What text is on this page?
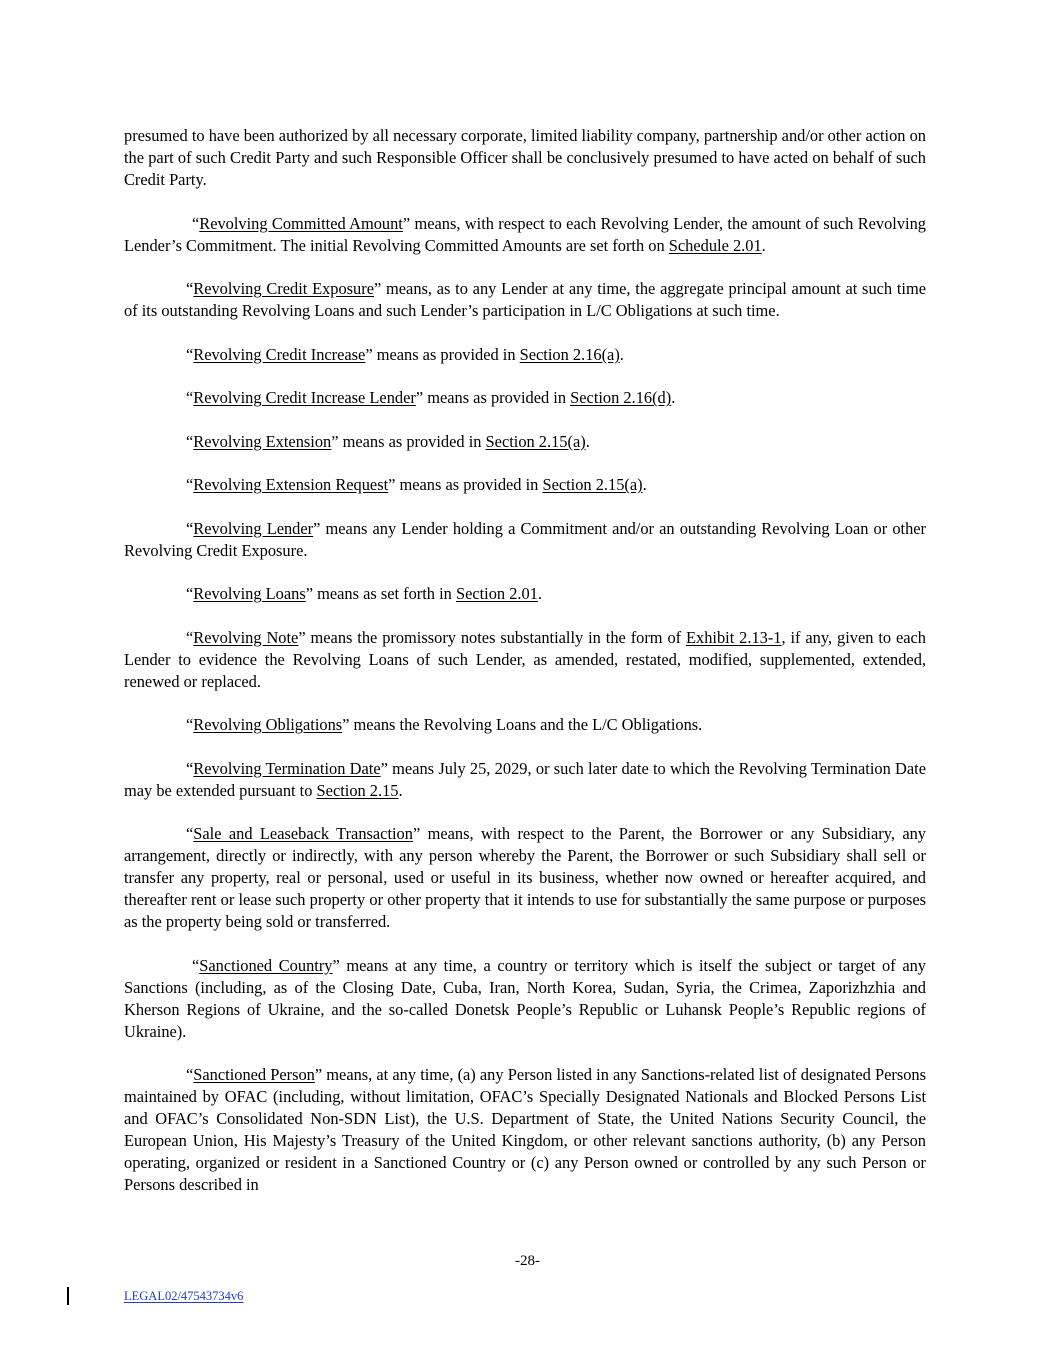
presumed to have been authorized by all necessary corporate, limited liability company, partnership and/or other action on the part of such Credit Party and such Responsible Officer shall be conclusively presumed to have acted on behalf of such Credit Party.

“Revolving Committed Amount” means, with respect to each Revolving Lender, the amount of such Revolving Lender’s Commitment. The initial Revolving Committed Amounts are set forth on Schedule 2.01.

“Revolving Credit Exposure” means, as to any Lender at any time, the aggregate principal amount at such time of its outstanding Revolving Loans and such Lender’s participation in L/C Obligations at such time.

“Revolving Credit Increase” means as provided in Section 2.16(a).

“Revolving Credit Increase Lender” means as provided in Section 2.16(d).

“Revolving Extension” means as provided in Section 2.15(a).

“Revolving Extension Request” means as provided in Section 2.15(a).

“Revolving Lender” means any Lender holding a Commitment and/or an outstanding Revolving Loan or other Revolving Credit Exposure.

“Revolving Loans” means as set forth in Section 2.01.

“Revolving Note” means the promissory notes substantially in the form of Exhibit 2.13-1, if any, given to each Lender to evidence the Revolving Loans of such Lender, as amended, restated, modified, supplemented, extended, renewed or replaced.

“Revolving Obligations” means the Revolving Loans and the L/C Obligations.

“Revolving Termination Date” means July 25, 2029, or such later date to which the Revolving Termination Date may be extended pursuant to Section 2.15.

“Sale and Leaseback Transaction” means, with respect to the Parent, the Borrower or any Subsidiary, any arrangement, directly or indirectly, with any person whereby the Parent, the Borrower or such Subsidiary shall sell or transfer any property, real or personal, used or useful in its business, whether now owned or hereafter acquired, and thereafter rent or lease such property or other property that it intends to use for substantially the same purpose or purposes as the property being sold or transferred.

“Sanctioned Country” means at any time, a country or territory which is itself the subject or target of any Sanctions (including, as of the Closing Date, Cuba, Iran, North Korea, Sudan, Syria, the Crimea, Zaporizhzhia and Kherson Regions of Ukraine, and the so-called Donetsk People’s Republic or Luhansk People’s Republic regions of Ukraine).

“Sanctioned Person” means, at any time, (a) any Person listed in any Sanctions-related list of designated Persons maintained by OFAC (including, without limitation, OFAC’s Specially Designated Nationals and Blocked Persons List and OFAC’s Consolidated Non-SDN List), the U.S. Department of State, the United Nations Security Council, the European Union, His Majesty’s Treasury of the United Kingdom, or other relevant sanctions authority, (b) any Person operating, organized or resident in a Sanctioned Country or (c) any Person owned or controlled by any such Person or Persons described in

-28-
LEGAL02/47543734v6
